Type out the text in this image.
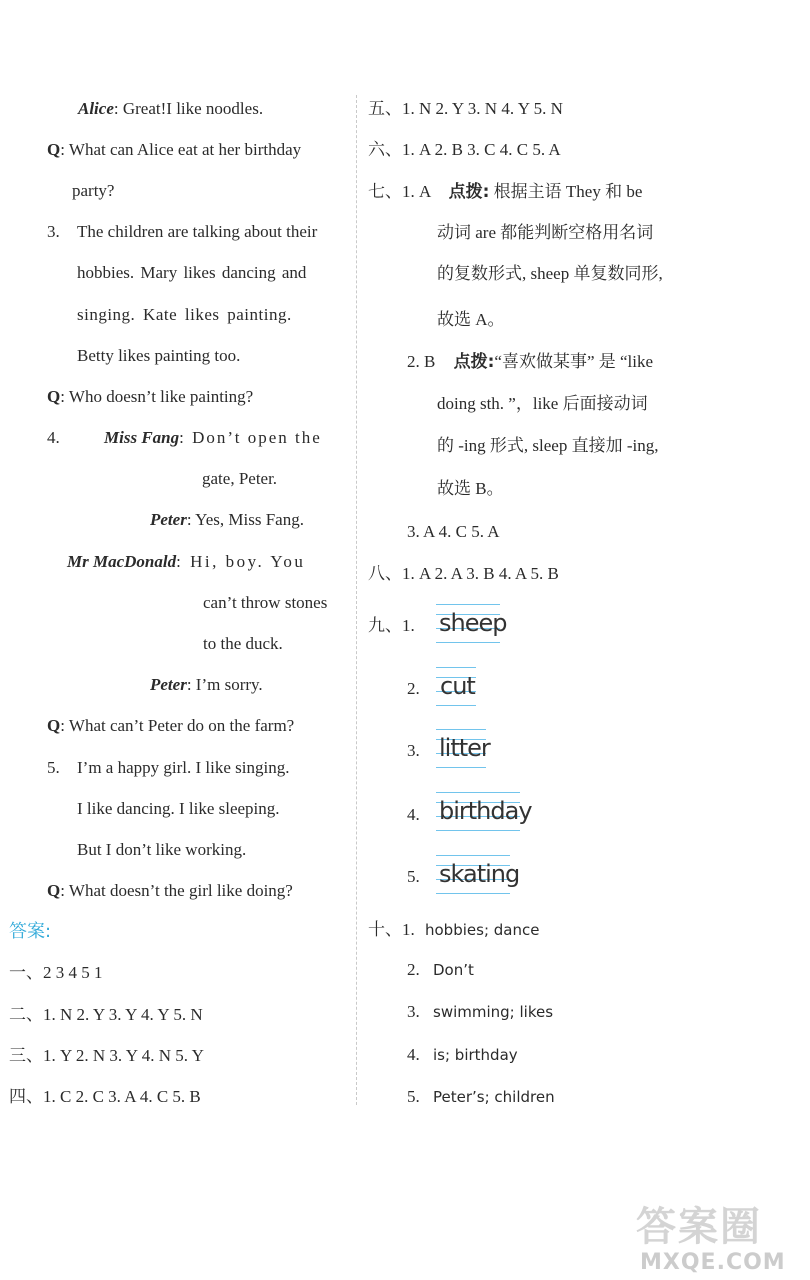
Alice: Great!I like noodles.
Q: What can Alice eat at her birthday
party?
3. The children are talking about their
hobbies. Mary likes dancing and
singing. Kate likes painting.
Betty likes painting too.
Q: Who doesn’t like painting?
4.	Miss Fang: Don’t open the
gate, Peter.
Peter: Yes, Miss Fang.
Mr MacDonald: Hi, boy. You
can’t throw stones
to the duck.
Peter: I’m sorry.
Q: What can’t Peter do on the farm?
5. I’m a happy girl. I like singing.
I like dancing. I like sleeping.
But I don’t like working.
Q: What doesn’t the girl like doing?
答案:
一、2 3 4 5 1
二、1. N 2. Y 3. Y 4. Y 5. N
三、1. Y 2. N 3. Y 4. N 5. Y
四、1. C 2. C 3. A 4. C 5. B
五、1. N 2. Y 3. N 4. Y 5. N
六、1. A 2. B 3. C 4. C 5. A
七、1. A 点拨: 根据主语 They 和 be
动词 are 都能判断空格用名词
的复数形式, sheep 单复数同形,
故选 A。
2. B 点拨:“喜欢做某事” 是 “like
doing sth. ”，like 后面接动词
的 -ing 形式, sleep 直接加 -ing,
故选 B。
3. A 4. C 5. A
八、1. A 2. A 3. B 4. A 5. B
九、1. sheep
2. cut
3. litter
4. birthday
5. skating
十、1. hobbies; dance
2. Don’t
3. swimming; likes
4. is; birthday
5. Peter’s; children
答案圈
MXQE.COM
